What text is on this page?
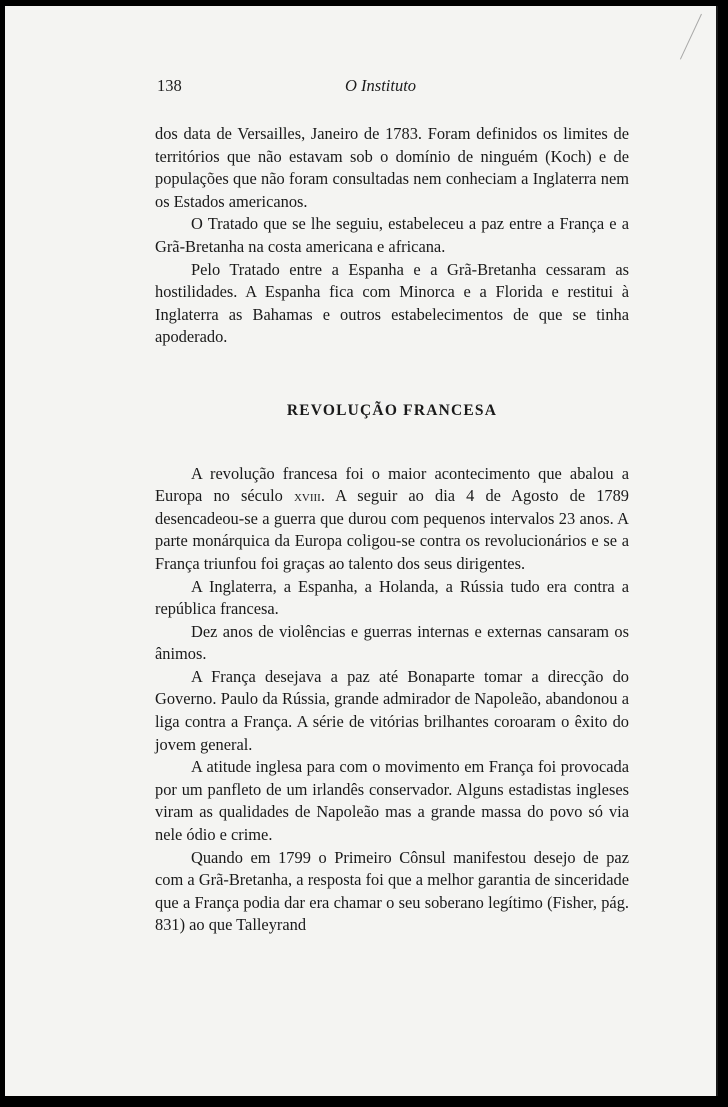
138	O Instituto

dos data de Versailles, Janeiro de 1783. Foram definidos os limites de territórios que não estavam sob o domínio de ninguém (Koch) e de populações que não foram consultadas nem conheciam a Inglaterra nem os Estados americanos.

O Tratado que se lhe seguiu, estabeleceu a paz entre a França e a Grã-Bretanha na costa americana e africana.

Pelo Tratado entre a Espanha e a Grã-Bretanha cessaram as hostilidades. A Espanha fica com Minorca e a Florida e restitui à Inglaterra as Bahamas e outros estabelecimentos de que se tinha apoderado.

REVOLUÇÃO FRANCESA

A revolução francesa foi o maior acontecimento que abalou a Europa no século xviii. A seguir ao dia 4 de Agosto de 1789 desencadeou-se a guerra que durou com pequenos intervalos 23 anos. A parte monárquica da Europa coligou-se contra os revolucionários e se a França triunfou foi graças ao talento dos seus dirigentes.

A Inglaterra, a Espanha, a Holanda, a Rússia tudo era contra a república francesa.

Dez anos de violências e guerras internas e externas cansaram os ânimos.

A França desejava a paz até Bonaparte tomar a direcção do Governo. Paulo da Rússia, grande admirador de Napoleão, abandonou a liga contra a França. A série de vitórias brilhantes coroaram o êxito do jovem general.

A atitude inglesa para com o movimento em França foi provocada por um panfleto de um irlandês conservador. Alguns estadistas ingleses viram as qualidades de Napoleão mas a grande massa do povo só via nele ódio e crime.

Quando em 1799 o Primeiro Cônsul manifestou desejo de paz com a Grã-Bretanha, a resposta foi que a melhor garantia de sinceridade que a França podia dar era chamar o seu soberano legítimo (Fisher, pág. 831) ao que Talleyrand
